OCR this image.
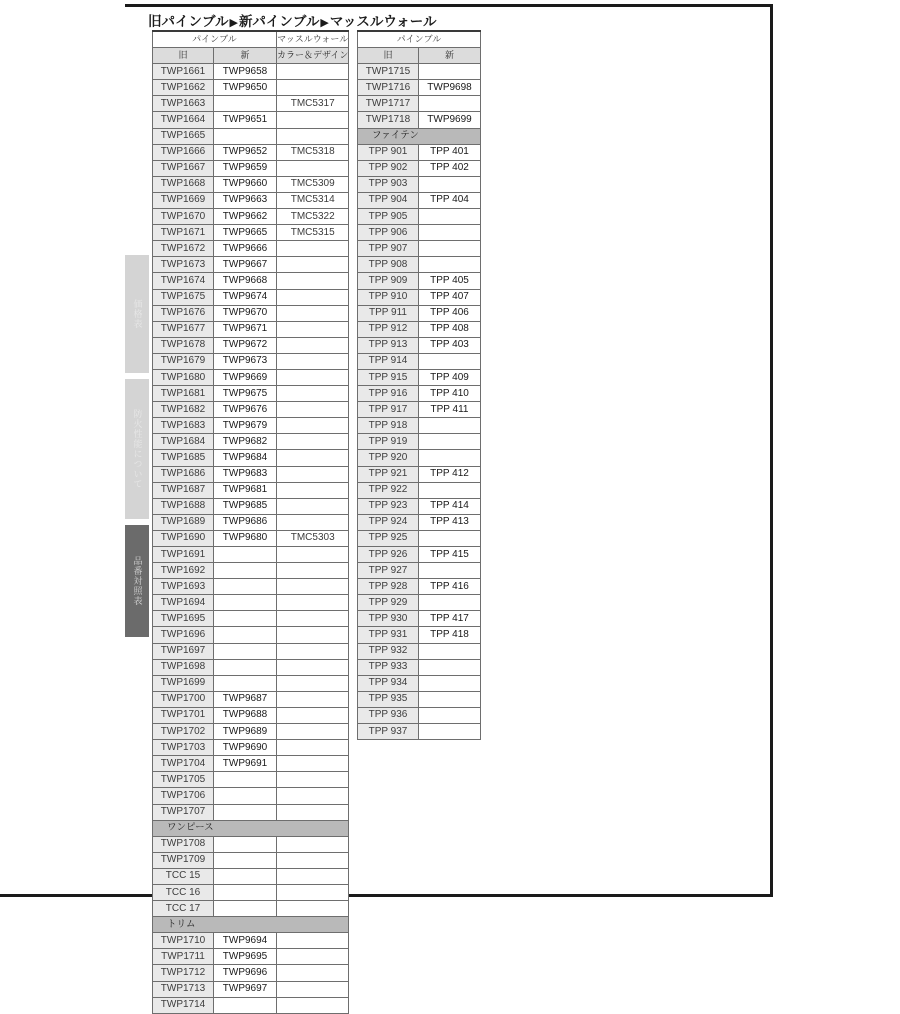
旧パインブル▶新パインブル▶マッスルウォール
価格表
防火性能について
品番対照表
パインブル		マッスルウォール
旧	新	カラー＆デザイン
TWP1661	TWP9658	
TWP1662	TWP9650	
TWP1663		TMC5317
TWP1664	TWP9651	
TWP1665		
TWP1666	TWP9652	TMC5318
TWP1667	TWP9659	
TWP1668	TWP9660	TMC5309
TWP1669	TWP9663	TMC5314
TWP1670	TWP9662	TMC5322
TWP1671	TWP9665	TMC5315
TWP1672	TWP9666	
TWP1673	TWP9667	
TWP1674	TWP9668	
TWP1675	TWP9674	
TWP1676	TWP9670	
TWP1677	TWP9671	
TWP1678	TWP9672	
TWP1679	TWP9673	
TWP1680	TWP9669	
TWP1681	TWP9675	
TWP1682	TWP9676	
TWP1683	TWP9679	
TWP1684	TWP9682	
TWP1685	TWP9684	
TWP1686	TWP9683	
TWP1687	TWP9681	
TWP1688	TWP9685	
TWP1689	TWP9686	
TWP1690	TWP9680	TMC5303
TWP1691		
TWP1692		
TWP1693		
TWP1694		
TWP1695		
TWP1696		
TWP1697		
TWP1698		
TWP1699		
TWP1700	TWP9687	
TWP1701	TWP9688	
TWP1702	TWP9689	
TWP1703	TWP9690	
TWP1704	TWP9691	
TWP1705		
TWP1706		
TWP1707		
ワンピース		
TWP1708		
TWP1709		
TCC 15		
TCC 16		
TCC 17		
トリム		
TWP1710	TWP9694	
TWP1711	TWP9695	
TWP1712	TWP9696	
TWP1713	TWP9697	
TWP1714		
パインブル	
旧	新
TWP1715	
TWP1716	TWP9698
TWP1717	
TWP1718	TWP9699
ファイテン	
TPP 901	TPP 401
TPP 902	TPP 402
TPP 903	
TPP 904	TPP 404
TPP 905	
TPP 906	
TPP 907	
TPP 908	
TPP 909	TPP 405
TPP 910	TPP 407
TPP 911	TPP 406
TPP 912	TPP 408
TPP 913	TPP 403
TPP 914	
TPP 915	TPP 409
TPP 916	TPP 410
TPP 917	TPP 411
TPP 918	
TPP 919	
TPP 920	
TPP 921	TPP 412
TPP 922	
TPP 923	TPP 414
TPP 924	TPP 413
TPP 925	
TPP 926	TPP 415
TPP 927	
TPP 928	TPP 416
TPP 929	
TPP 930	TPP 417
TPP 931	TPP 418
TPP 932	
TPP 933	
TPP 934	
TPP 935	
TPP 936	
TPP 937	
